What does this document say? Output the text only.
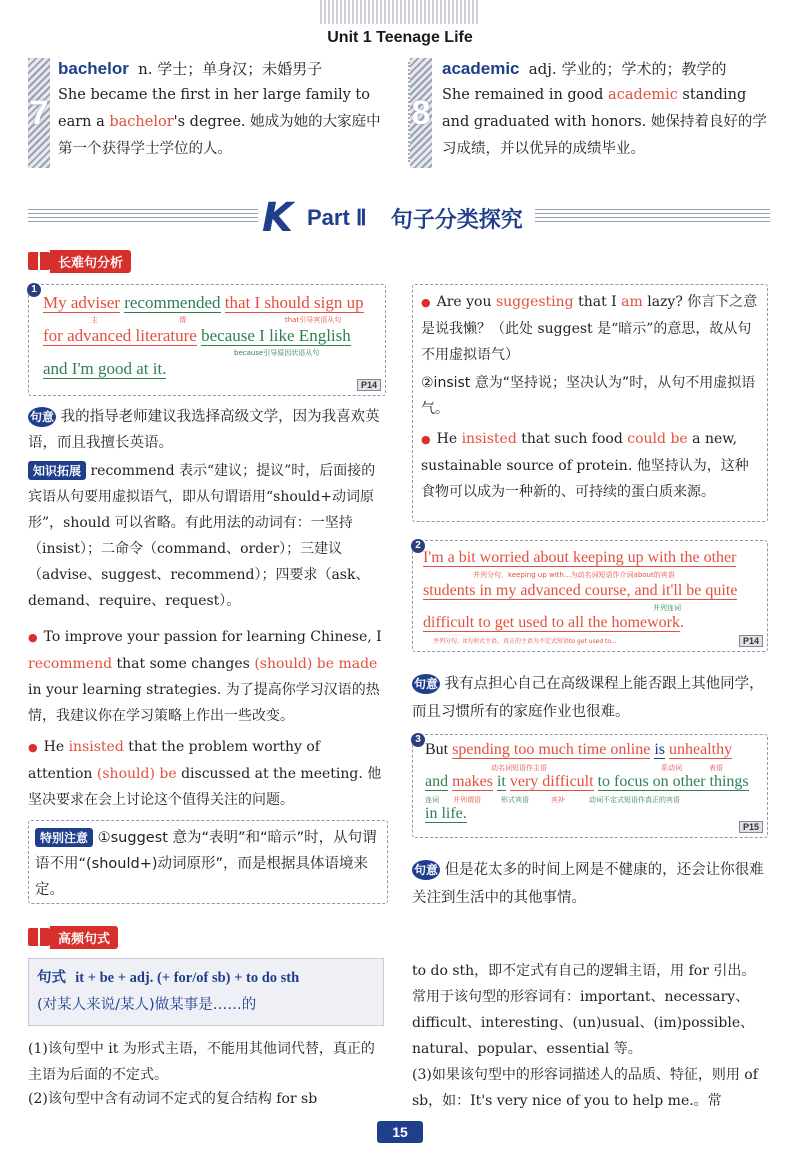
Unit 1 Teenage Life
7
bachelor n. 学士；单身汉；未婚男子
She became the first in her large family to earn a bachelor's degree. 她成为她的大家庭中第一个获得学士学位的人。
8
academic adj. 学业的；学术的；教学的
She remained in good academic standing and graduated with honors. 她保持着良好的学习成绩，并以优异的成绩毕业。
K Part Ⅱ 句子分类探究
长难句分析
1
My adviser recommended that I should sign up
主	谓	that引导宾语从句
for advanced literature because I like English
because引导原因状语从句
and I'm good at it.
P14
句意 我的指导老师建议我选择高级文学，因为我喜欢英语，而且我擅长英语。
知识拓展 recommend 表示“建议；提议”时，后面接的宾语从句要用虚拟语气，即从句谓语用“should+动词原形”，should 可以省略。有此用法的动词有：一坚持（insist）；二命令（command、order）；三建议（advise、suggest、recommend）；四要求（ask、demand、require、request）。
● To improve your passion for learning Chinese, I recommend that some changes (should) be made in your learning strategies. 为了提高你学习汉语的热情，我建议你在学习策略上作出一些改变。
● He insisted that the problem worthy of attention (should) be discussed at the meeting. 他坚决要求在会上讨论这个值得关注的问题。
特别注意 ①suggest 意为“表明”和“暗示”时，从句谓语不用“(should+)动词原形”，而是根据具体语境来定。
● Are you suggesting that I am lazy? 你言下之意是说我懒？（此处 suggest 是“暗示”的意思，故从句不用虚拟语气）
②insist 意为“坚持说；坚决认为”时，从句不用虚拟语气。
● He insisted that such food could be a new, sustainable source of protein. 他坚持认为，这种食物可以成为一种新的、可持续的蛋白质来源。
2
I'm a bit worried about keeping up with the other
并列分句，keeping up with...为动名词短语作介词about的宾语
students in my advanced course, and it'll be quite
并列连词
difficult to get used to all the homework.
并列分句，it为形式主语，真正的主语为不定式短语to get used to...	P14
句意 我有点担心自己在高级课程上能否跟上其他同学，而且习惯所有的家庭作业也很难。
3
But spending too much time online is unhealthy
动名词短语作主语	系动词	表语
and makes it very difficult to focus on other things
连词 并列谓语	形式宾语	宾补	动词不定式短语作真正的宾语
in life.
P15
句意 但是花太多的时间上网是不健康的，还会让你很难关注到生活中的其他事情。
高频句式
句式 it + be + adj. (+ for/of sb) + to do sth
(对某人来说/某人)做某事是……的
(1)该句型中 it 为形式主语，不能用其他词代替，真正的主语为后面的不定式。
(2)该句型中含有动词不定式的复合结构 for sb
to do sth，即不定式有自己的逻辑主语，用 for 引出。常用于该句型的形容词有：important、necessary、difficult、interesting、(un)usual、(im)possible、natural、popular、essential 等。
(3)如果该句型中的形容词描述人的品质、特征，则用 of sb，如：It's very nice of you to help me.。常
15
